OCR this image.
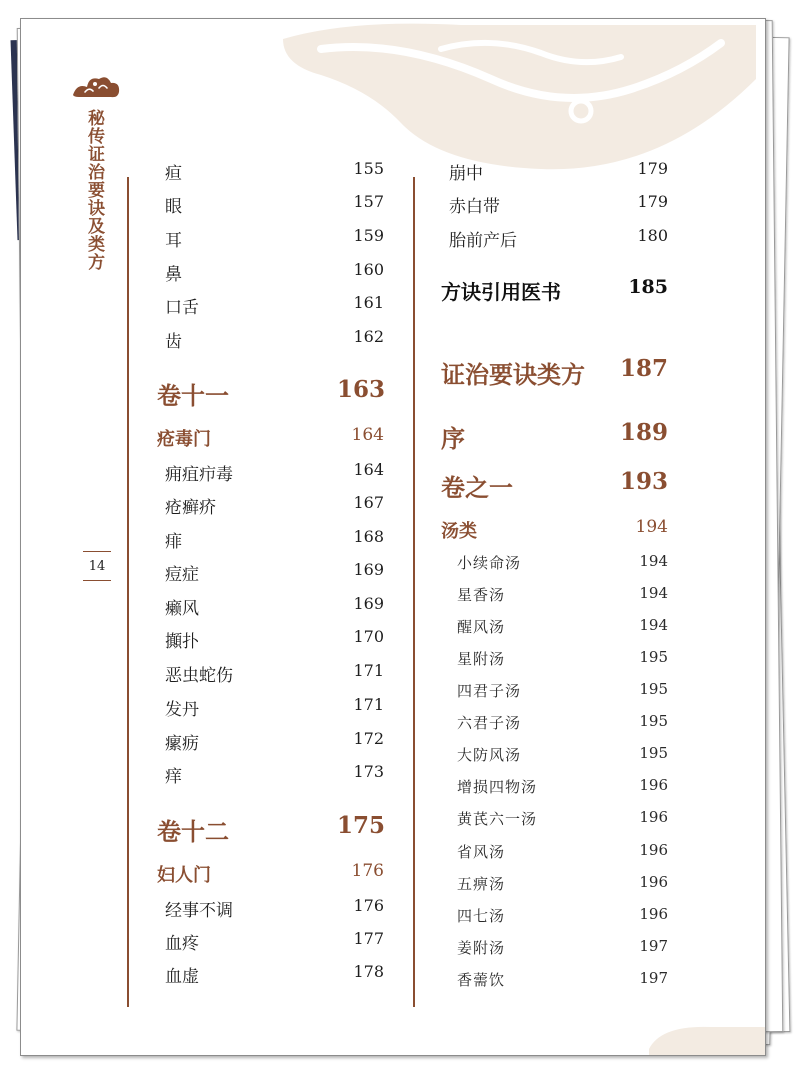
秘传证治要诀及类方
14
疸	155
眼	157
耳	159
鼻	160
口舌	161
齿	162
卷十一	163
疮毒门	164
痈疽疖毒	164
疮癣疥	167
痱	168
痘症	169
癞风	169
攧扑	170
恶虫蛇伤	171
发丹	171
瘰疬	172
痒	173
卷十二	175
妇人门	176
经事不调	176
血疼	177
血虚	178
崩中	179
赤白带	179
胎前产后	180
方诀引用医书	185
证治要诀类方 187
序	189
卷之一	193
汤类	194
小续命汤	194
星香汤	194
醒风汤	194
星附汤	195
四君子汤	195
六君子汤	195
大防风汤	195
增损四物汤	196
黄芪六一汤	196
省风汤	196
五痹汤	196
四七汤	196
姜附汤	197
香薷饮	197
